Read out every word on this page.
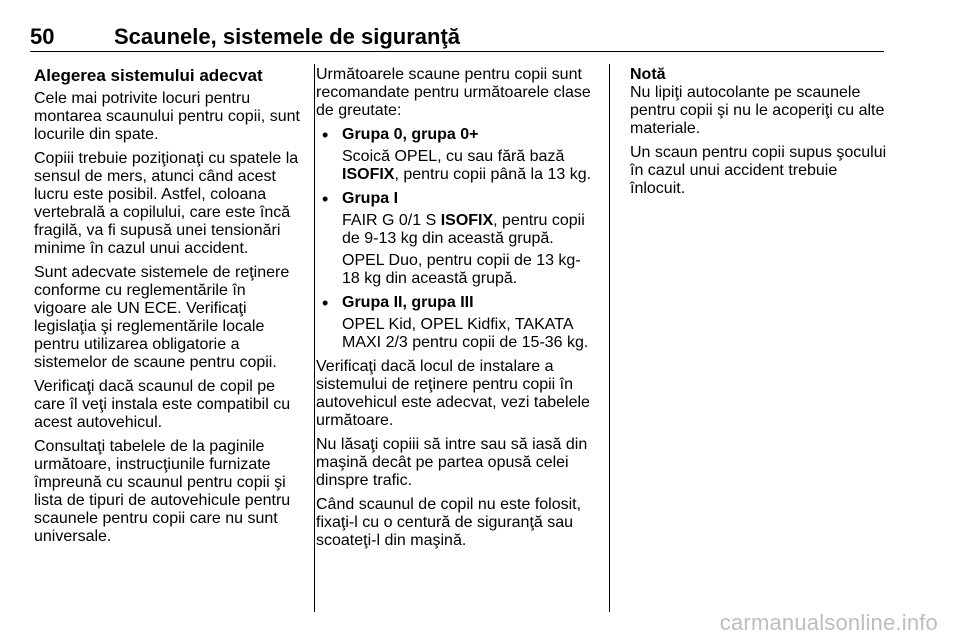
50	Scaunele, sistemele de siguranţă
Alegerea sistemului adecvat

Cele mai potrivite locuri pentru montarea scaunului pentru copii, sunt locurile din spate.

Copiii trebuie poziţionaţi cu spatele la sensul de mers, atunci când acest lucru este posibil. Astfel, coloana vertebrală a copilului, care este încă fragilă, va fi supusă unei tensionări minime în cazul unui accident.

Sunt adecvate sistemele de reţinere conforme cu reglementările în vigoare ale UN ECE. Verificaţi legislaţia şi reglementările locale pentru utilizarea obligatorie a sistemelor de scaune pentru copii.

Verificaţi dacă scaunul de copil pe care îl veţi instala este compatibil cu acest autovehicul.

Consultaţi tabelele de la paginile următoare, instrucţiunile furnizate împreună cu scaunul pentru copii şi lista de tipuri de autovehicule pentru scaunele pentru copii care nu sunt universale.

Următoarele scaune pentru copii sunt recomandate pentru următoarele clase de greutate:

• Grupa 0, grupa 0+
Scoică OPEL, cu sau fără bază ISOFIX, pentru copii până la 13 kg.
• Grupa I
FAIR G 0/1 S ISOFIX, pentru copii de 9-13 kg din această grupă.
OPEL Duo, pentru copii de 13 kg-18 kg din această grupă.
• Grupa II, grupa III
OPEL Kid, OPEL Kidfix, TAKATA MAXI 2/3 pentru copii de 15-36 kg.

Verificaţi dacă locul de instalare a sistemului de reţinere pentru copii în autovehicul este adecvat, vezi tabelele următoare.

Nu lăsaţi copiii să intre sau să iasă din maşină decât pe partea opusă celei dinspre trafic.

Când scaunul de copil nu este folosit, fixaţi-l cu o centură de siguranţă sau scoateţi-l din maşină.

Notă

Nu lipiţi autocolante pe scaunele pentru copii şi nu le acoperiţi cu alte materiale.

Un scaun pentru copii supus şocului în cazul unui accident trebuie înlocuit.

carmanualsonline.info
